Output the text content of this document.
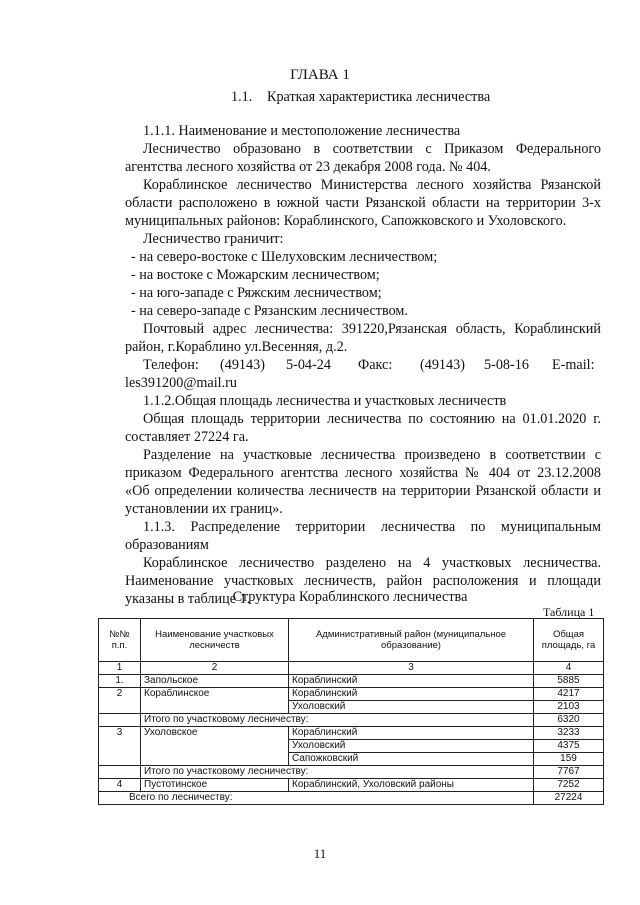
ГЛАВА 1
1.1. Краткая характеристика лесничества
1.1.1. Наименование и местоположение лесничества
Лесничество образовано в соответствии с Приказом Федерального
агентства лесного хозяйства от 23 декабря 2008 года. № 404.
Кораблинское лесничество Министерства лесного хозяйства Рязанской
области расположено в южной части Рязанской области на территории 3-х
муниципальных районов: Кораблинского, Сапожковского и Ухоловского.
Лесничество граничит:
- на северо-востоке с Шелуховским лесничеством;
- на востоке с Можарским лесничеством;
- на юго-западе с Ряжским лесничеством;
- на северо-западе с Рязанским лесничеством.
Почтовый адрес лесничества: 391220,Рязанская область, Кораблинский
район, г.Кораблино ул.Весенняя, д.2.
Телефон: (49143) 5-04-24 Факс: (49143) 5-08-16 E-mail:
les391200@mail.ru
1.1.2.Общая площадь лесничества и участковых лесничеств
Общая площадь территории лесничества по состоянию на 01.01.2020 г.
составляет 27224 га.
Разделение на участковые лесничества произведено в соответствии с
приказом Федерального агентства лесного хозяйства № 404 от 23.12.2008
«Об определении количества лесничеств на территории Рязанской области и
установлении их границ».
1.1.3. Распределение территории лесничества по муниципальным
образованиям
Кораблинское лесничество разделено на 4 участковых лесничества.
Наименование участковых лесничеств, район расположения и площади
указаны в таблице 1.
Структура Кораблинского лесничества
Таблица 1
№№ п.п.	Наименование участковых лесничеств	Административный район (муниципальное образование)	Общая площадь, га
1	2	3	4
1.	Запольское	Кораблинский	5885
2	Кораблинское	Кораблинский	4217
		Ухоловский	2103
	Итого по участковому лесничеству:		6320
3	Ухоловское	Кораблинский	3233
		Ухоловский	4375
		Сапожковский	159
	Итого по участковому лесничеству:		7767
4	Пустотинское	Кораблинский, Ухоловский районы	7252
Всего по лесничеству:			27224
11
